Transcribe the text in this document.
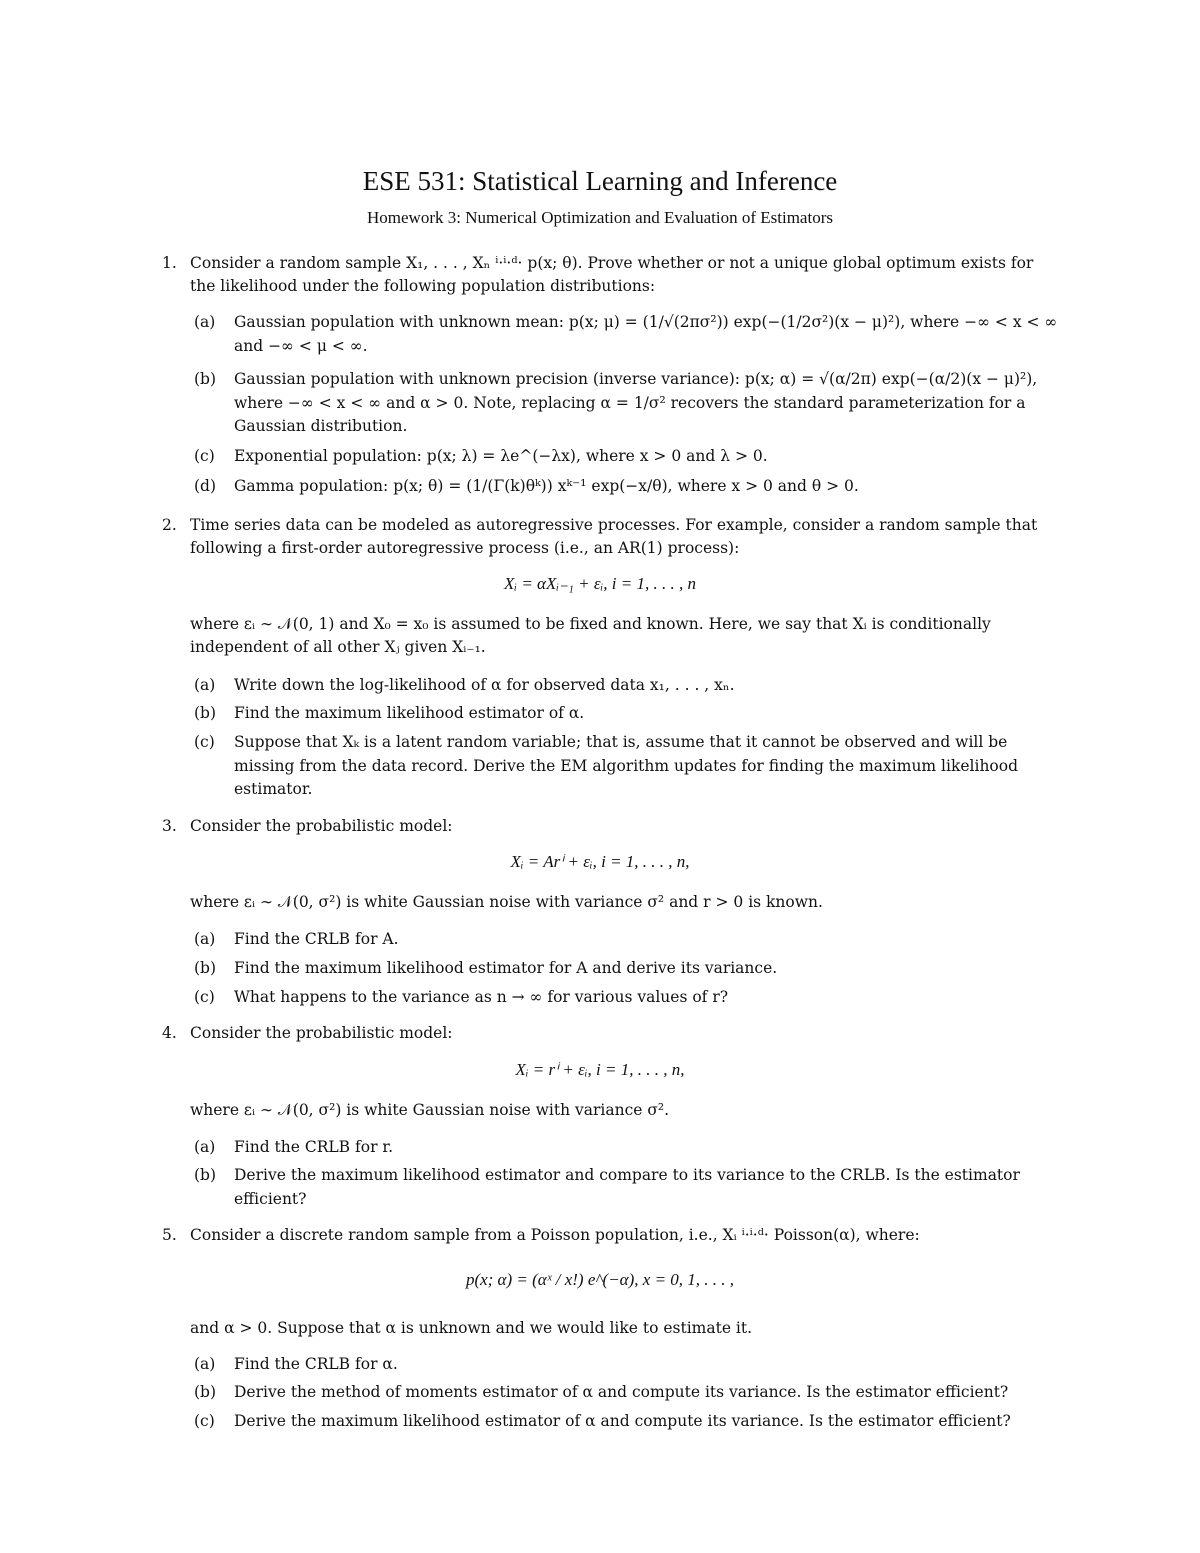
ESE 531: Statistical Learning and Inference
Homework 3: Numerical Optimization and Evaluation of Estimators
1. Consider a random sample X₁, . . . , Xₙ ⁱ·ⁱ·ᵈ· p(x; θ). Prove whether or not a unique global optimum exists for the likelihood under the following population distributions:
(a)	Gaussian population with unknown mean: p(x; μ) = (1/√(2πσ²)) exp(−(1/2σ²)(x − μ)²), where −∞ < x < ∞ and −∞ < μ < ∞.
(b)	Gaussian population with unknown precision (inverse variance): p(x; α) = √(α/2π) exp(−(α/2)(x − μ)²), where −∞ < x < ∞ and α > 0. Note, replacing α = 1/σ² recovers the standard parameterization for a Gaussian distribution.
(c)	Exponential population: p(x; λ) = λe^(−λx), where x > 0 and λ > 0.
(d)	Gamma population: p(x; θ) = (1/(Γ(k)θᵏ)) xᵏ⁻¹ exp(−x/θ), where x > 0 and θ > 0.
2. Time series data can be modeled as autoregressive processes. For example, consider a random sample that following a first-order autoregressive process (i.e., an AR(1) process):
Xᵢ = αXᵢ₋₁ + εᵢ, i = 1, . . . , n
where εᵢ ∼ 𝒩(0, 1) and X₀ = x₀ is assumed to be fixed and known. Here, we say that Xᵢ is conditionally independent of all other Xⱼ given Xᵢ₋₁.
(a)	Write down the log-likelihood of α for observed data x₁, . . . , xₙ.
(b)	Find the maximum likelihood estimator of α.
(c)	Suppose that Xₖ is a latent random variable; that is, assume that it cannot be observed and will be missing from the data record. Derive the EM algorithm updates for finding the maximum likelihood estimator.
3. Consider the probabilistic model:
Xᵢ = Arⁱ + εᵢ, i = 1, . . . , n,
where εᵢ ∼ 𝒩(0, σ²) is white Gaussian noise with variance σ² and r > 0 is known.
(a)	Find the CRLB for A.
(b)	Find the maximum likelihood estimator for A and derive its variance.
(c)	What happens to the variance as n → ∞ for various values of r?
4. Consider the probabilistic model:
Xᵢ = rⁱ + εᵢ, i = 1, . . . , n,
where εᵢ ∼ 𝒩(0, σ²) is white Gaussian noise with variance σ².
(a)	Find the CRLB for r.
(b)	Derive the maximum likelihood estimator and compare to its variance to the CRLB. Is the estimator efficient?
5. Consider a discrete random sample from a Poisson population, i.e., Xᵢ ⁱ·ⁱ·ᵈ· Poisson(α), where:
p(x; α) = (αˣ / x!) e^(−α), x = 0, 1, . . . ,
and α > 0. Suppose that α is unknown and we would like to estimate it.
(a)	Find the CRLB for α.
(b)	Derive the method of moments estimator of α and compute its variance. Is the estimator efficient?
(c)	Derive the maximum likelihood estimator of α and compute its variance. Is the estimator efficient?
